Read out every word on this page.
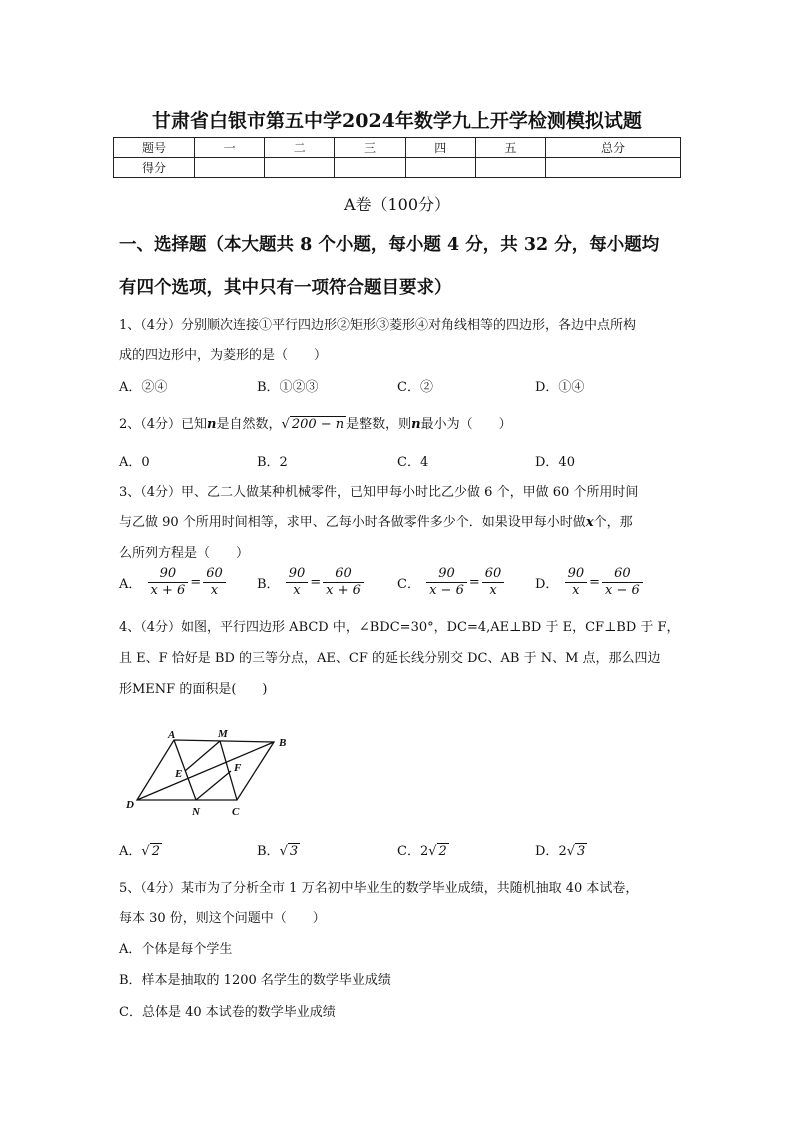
甘肃省白银市第五中学2024年数学九上开学检测模拟试题
题号	一	二	三	四	五	总分
得分						
A卷（100分）
一、选择题（本大题共 8 个小题，每小题 4 分，共 32 分，每小题均
有四个选项，其中只有一项符合题目要求）
1、（4分）分别顺次连接①平行四边形②矩形③菱形④对角线相等的四边形，各边中点所构
成的四边形中，为菱形的是（　　）
A．②④	B．①②③	C．②	D．①④
2、（4分）已知n是自然数，√ 200 − n 是整数，则n最小为（　　）
A．0	B．2	C．4	D．40
3、（4分）甲、乙二人做某种机械零件，已知甲每小时比乙少做 6 个，甲做 60 个所用时间
与乙做 90 个所用时间相等，求甲、乙每小时各做零件多少个．如果设甲每小时做x个，那
么所列方程是（　　）
A． $\frac{90}{x + 6} = \frac{60}{x}$ B． $\frac{90}{x} = \frac{60}{x + 6}$	C． $\frac{90}{x - 6} = \frac{60}{x}$ D． $\frac{90}{x} = \frac{60}{x - 6}$
4、（4分）如图，平行四边形 ABCD 中，∠BDC=30°，DC=4,AE⊥BD 于 E，CF⊥BD 于 F，
且 E、F 恰好是 BD 的三等分点，AE、CF 的延长线分别交 DC、AB 于 N、M 点，那么四边
形MENF 的面积是(　　)
A	M
B
E	F
D
N	C
A．√ 2	B．√ 3	C．2√ 2	D．2√ 3
5、（4分）某市为了分析全市 1 万名初中毕业生的数学毕业成绩，共随机抽取 40 本试卷，
每本 30 份，则这个问题中（　　）
A．个体是每个学生
B．样本是抽取的 1200 名学生的数学毕业成绩
C．总体是 40 本试卷的数学毕业成绩
